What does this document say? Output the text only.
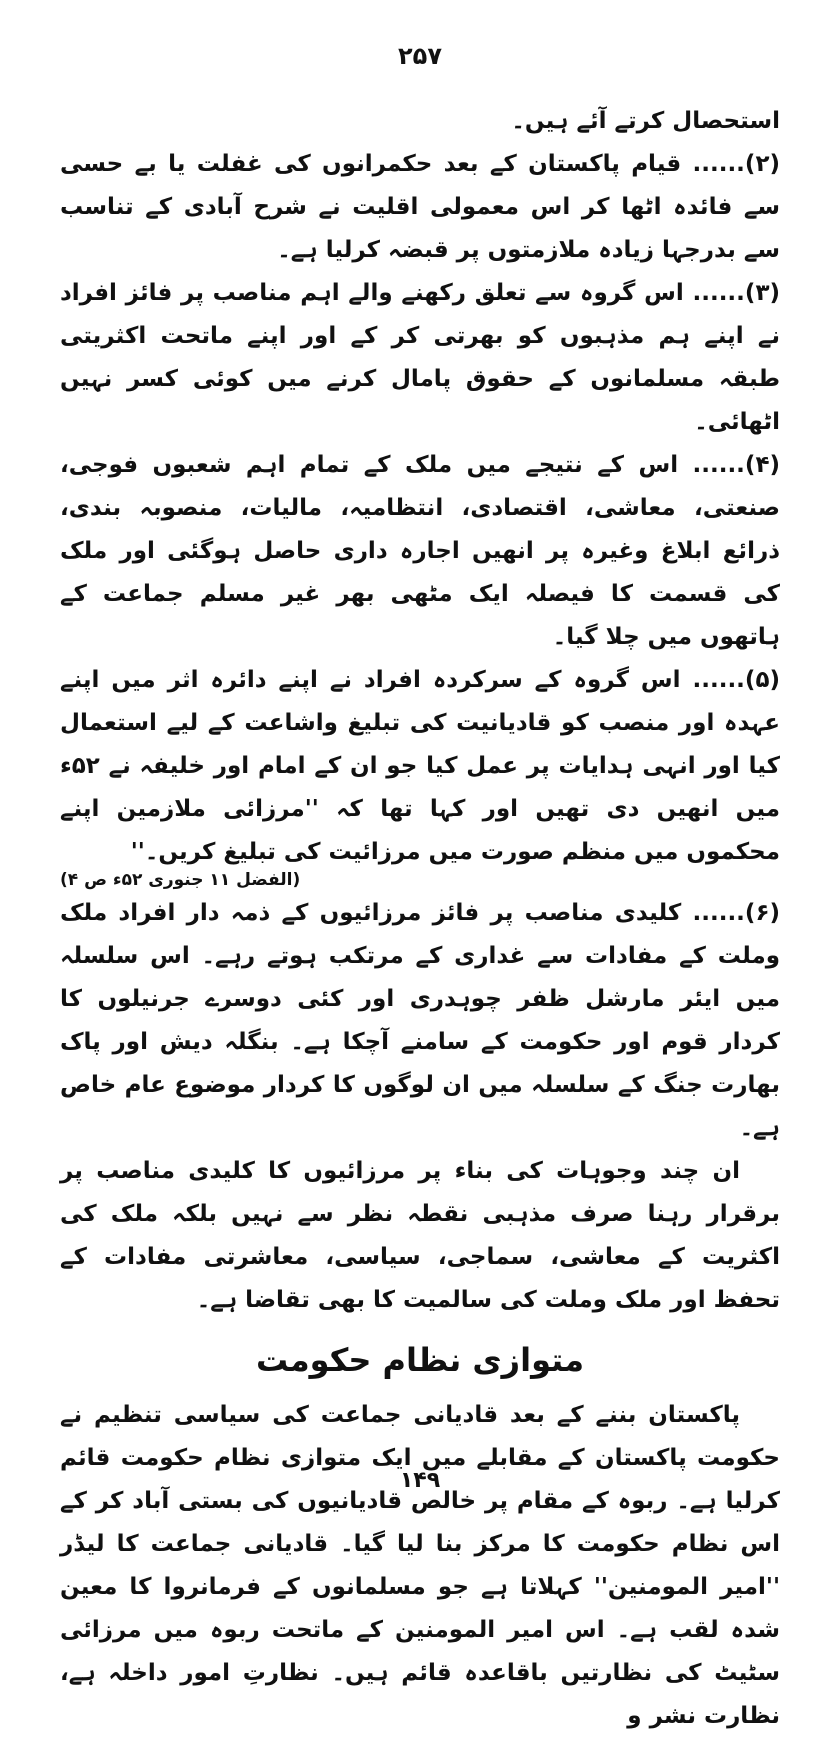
۲۵۷

استحصال کرتے آئے ہیں۔

(۲)...... قیام پاکستان کے بعد حکمرانوں کی غفلت یا بے حسی سے فائدہ اٹھا کر اس معمولی اقلیت نے شرح آبادی کے تناسب سے بدرجہا زیادہ ملازمتوں پر قبضہ کرلیا ہے۔

(۳)...... اس گروہ سے تعلق رکھنے والے اہم مناصب پر فائز افراد نے اپنے ہم مذہبوں کو بھرتی کر کے اور اپنے ماتحت اکثریتی طبقہ مسلمانوں کے حقوق پامال کرنے میں کوئی کسر نہیں اٹھائی۔

(۴)...... اس کے نتیجے میں ملک کے تمام اہم شعبوں فوجی، صنعتی، معاشی، اقتصادی، انتظامیہ، مالیات، منصوبہ بندی، ذرائع ابلاغ وغیرہ پر انھیں اجارہ داری حاصل ہوگئی اور ملک کی قسمت کا فیصلہ ایک مٹھی بھر غیر مسلم جماعت کے ہاتھوں میں چلا گیا۔

(۵)...... اس گروہ کے سرکردہ افراد نے اپنے دائرہ اثر میں اپنے عہدہ اور منصب کو قادیانیت کی تبلیغ واشاعت کے لیے استعمال کیا اور انہی ہدایات پر عمل کیا جو ان کے امام اور خلیفہ نے ۵۲ء میں انھیں دی تھیں اور کہا تھا کہ ''مرزائی ملازمین اپنے محکموں میں منظم صورت میں مرزائیت کی تبلیغ کریں۔''

(الفضل ۱۱ جنوری ۵۲ء ص ۴)

(۶)...... کلیدی مناصب پر فائز مرزائیوں کے ذمہ دار افراد ملک وملت کے مفادات سے غداری کے مرتکب ہوتے رہے۔ اس سلسلہ میں ایئر مارشل ظفر چوہدری اور کئی دوسرے جرنیلوں کا کردار قوم اور حکومت کے سامنے آچکا ہے۔ بنگلہ دیش اور پاک بھارت جنگ کے سلسلہ میں ان لوگوں کا کردار موضوع عام خاص ہے۔

ان چند وجوہات کی بناء پر مرزائیوں کا کلیدی مناصب پر برقرار رہنا صرف مذہبی نقطہ نظر سے نہیں بلکہ ملک کی اکثریت کے معاشی، سماجی، سیاسی، معاشرتی مفادات کے تحفظ اور ملک وملت کی سالمیت کا بھی تقاضا ہے۔

متوازی نظام حکومت

پاکستان بننے کے بعد قادیانی جماعت کی سیاسی تنظیم نے حکومت پاکستان کے مقابلے میں ایک متوازی نظام حکومت قائم کرلیا ہے۔ ربوہ کے مقام پر خالص قادیانیوں کی بستی آباد کر کے اس نظام حکومت کا مرکز بنا لیا گیا۔ قادیانی جماعت کا لیڈر ''امیر المومنین'' کہلاتا ہے جو مسلمانوں کے فرمانروا کا معین شدہ لقب ہے۔ اس امیر المومنین کے ماتحت ربوہ میں مرزائی سٹیٹ کی نظارتیں باقاعدہ قائم ہیں۔ نظارتِ امور داخلہ ہے، نظارت نشر و

۱۴۹
